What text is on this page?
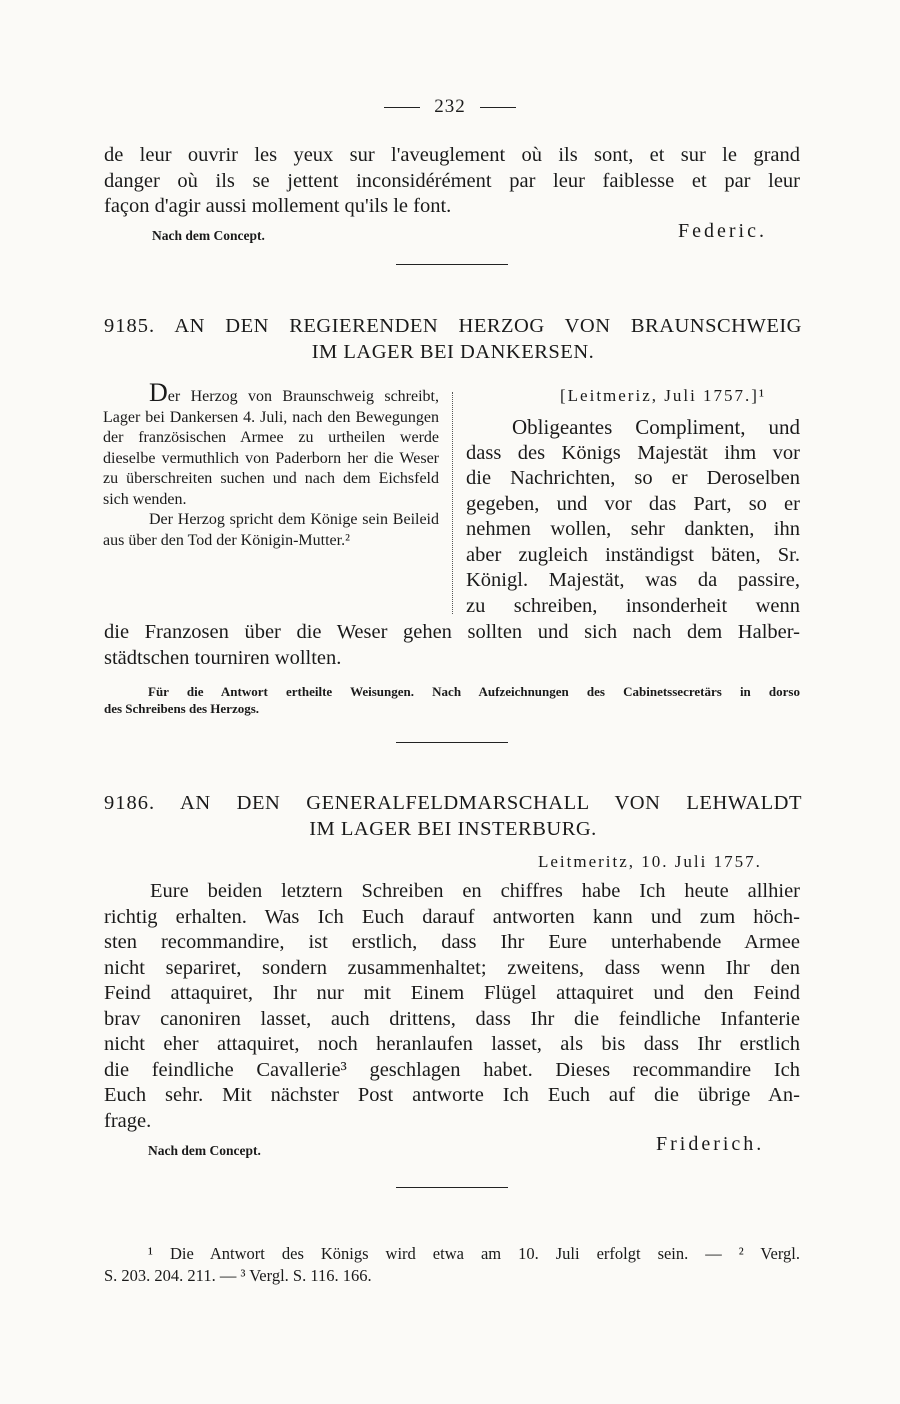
232
de leur ouvrir les yeux sur l'aveuglement où ils sont, et sur le grand
danger où ils se jettent inconsidérément par leur faiblesse et par leur
façon d'agir aussi mollement qu'ils le font.
Nach dem Concept.	Federic.
9185. AN DEN REGIERENDEN HERZOG VON BRAUNSCHWEIG
IM LAGER BEI DANKERSEN.

Der Herzog von Braunschweig schreibt, Lager bei Dankersen 4. Juli, nach den Bewegungen der französischen Armee zu urtheilen werde dieselbe vermuthlich von Paderborn her die Weser zu überschreiten suchen und nach dem Eichsfeld sich wenden.

Der Herzog spricht dem Könige sein Beileid aus über den Tod der Königin-Mutter.²

[Leitmeriz, Juli 1757.]¹
Obligeantes Compliment, und
dass des Königs Majestät ihm vor
die Nachrichten, so er Deroselben
gegeben, und vor das Part, so er
nehmen wollen, sehr dankten, ihn
aber zugleich inständigst bäten, Sr.
Königl. Majestät, was da passire,
zu schreiben, insonderheit wenn
die Franzosen über die Weser gehen sollten und sich nach dem Halber-
städtschen tourniren wollten.
Für die Antwort ertheilte Weisungen. Nach Aufzeichnungen des Cabinetssecretärs in dorso
des Schreibens des Herzogs.
9186. AN DEN GENERALFELDMARSCHALL VON LEHWALDT
IM LAGER BEI INSTERBURG.
Leitmeritz, 10. Juli 1757.
Eure beiden letztern Schreiben en chiffres habe Ich heute allhier
richtig erhalten. Was Ich Euch darauf antworten kann und zum höch-
sten recommandire, ist erstlich, dass Ihr Eure unterhabende Armee
nicht separiret, sondern zusammenhaltet; zweitens, dass wenn Ihr den
Feind attaquiret, Ihr nur mit Einem Flügel attaquiret und den Feind
brav canoniren lasset, auch drittens, dass Ihr die feindliche Infanterie
nicht eher attaquiret, noch heranlaufen lasset, als bis dass Ihr erstlich
die feindliche Cavallerie³ geschlagen habet. Dieses recommandire Ich
Euch sehr. Mit nächster Post antworte Ich Euch auf die übrige An-
frage.
Nach dem Concept.	Friderich.
¹ Die Antwort des Königs wird etwa am 10. Juli erfolgt sein. — ² Vergl.
S. 203. 204. 211. — ³ Vergl. S. 116. 166.
